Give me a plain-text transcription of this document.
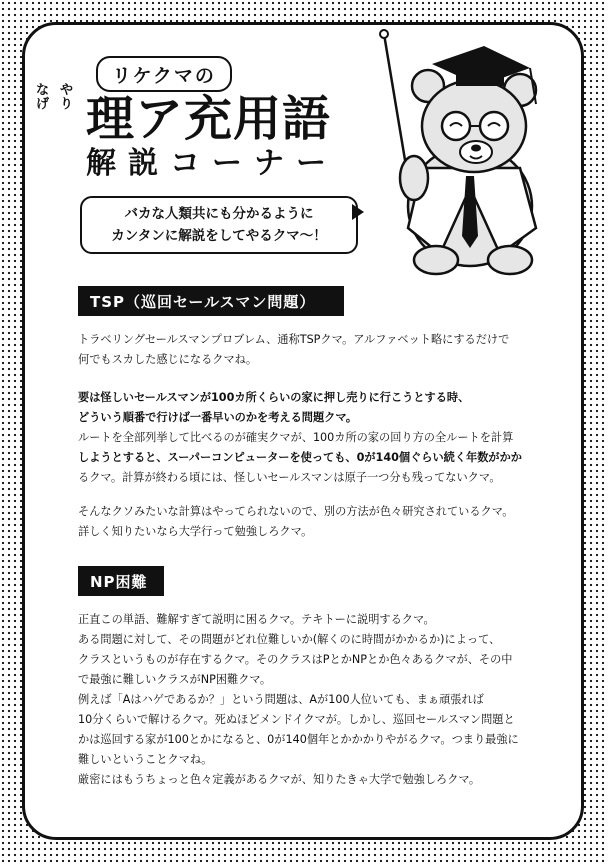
リケクマの
なげ
やり 理ア充用語
解説コーナー
バカな人類共にも分かるように
カンタンに解説をしてやるクマ～！
TSP（巡回セールスマン問題）

トラベリングセールスマンプロブレム、通称TSPクマ。アルファベット略にするだけで

何でもスカした感じになるクマね。

要は怪しいセールスマンが100カ所くらいの家に押し売りに行こうとする時、

どういう順番で行けば一番早いのかを考える問題クマ。

ルートを全部列挙して比べるのが確実クマが、100カ所の家の回り方の全ルートを計算

しようとすると、スーパーコンピューターを使っても、0が140個ぐらい続く年数がかか

るクマ。計算が終わる頃には、怪しいセールスマンは原子一つ分も残ってないクマ。

そんなクソみたいな計算はやってられないので、別の方法が色々研究されているクマ。

詳しく知りたいなら大学行って勉強しろクマ。

NP困難

正直この単語、難解すぎて説明に困るクマ。テキトーに説明するクマ。

ある問題に対して、その問題がどれ位難しいか(解くのに時間がかかるか)によって、

クラスというものが存在するクマ。そのクラスはPとかNPとか色々あるクマが、その中

で最強に難しいクラスがNP困難クマ。

例えば「Aはハゲであるか？」という問題は、Aが100人位いても、まぁ頑張れば

10分くらいで解けるクマ。死ぬほどメンドイクマが。しかし、巡回セールスマン問題と

かは巡回する家が100とかになると、0が140個年とかかかりやがるクマ。つまり最強に

難しいということクマね。

厳密にはもうちょっと色々定義があるクマが、知りたきゃ大学で勉強しろクマ。
